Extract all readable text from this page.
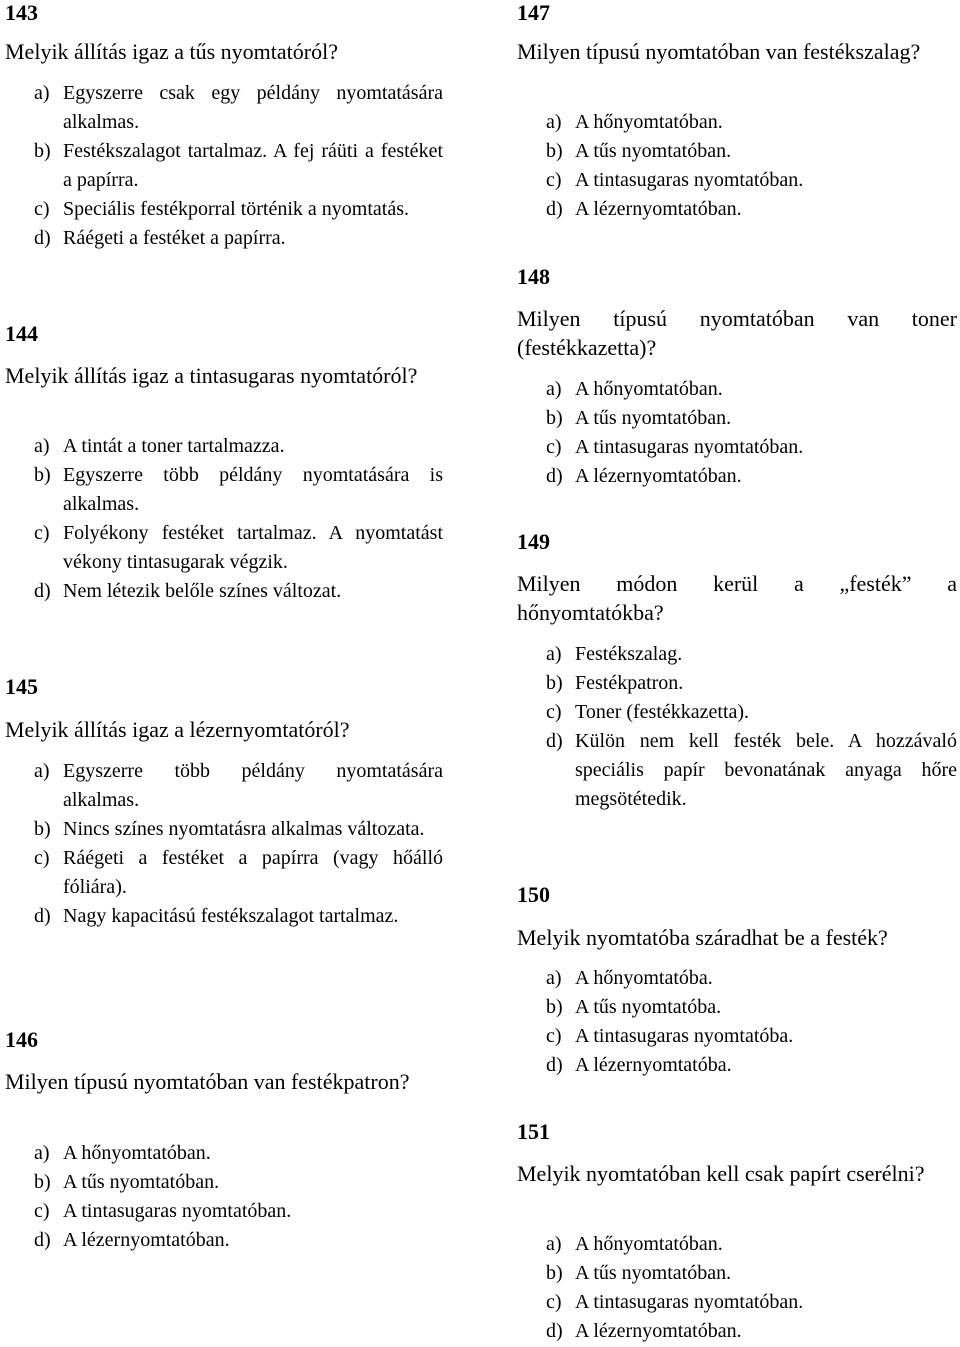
143
Melyik állítás igaz a tűs nyomtatóról?
a) Egyszerre csak egy példány nyomtatására alkalmas.
b) Festékszalagot tartalmaz. A fej ráüti a festéket a papírra.
c) Speciális festékporral történik a nyomtatás.
d) Ráégeti a festéket a papírra.
144
Melyik állítás igaz a tintasugaras nyomtatóról?
a) A tintát a toner tartalmazza.
b) Egyszerre több példány nyomtatására is alkalmas.
c) Folyékony festéket tartalmaz. A nyomtatást vékony tintasugarak végzik.
d) Nem létezik belőle színes változat.
145
Melyik állítás igaz a lézernyomtatóról?
a) Egyszerre több példány nyomtatására alkalmas.
b) Nincs színes nyomtatásra alkalmas változata.
c) Ráégeti a festéket a papírra (vagy hőálló fóliára).
d) Nagy kapacitású festékszalagot tartalmaz.
146
Milyen típusú nyomtatóban van festékpatron?
a) A hőnyomtatóban.
b) A tűs nyomtatóban.
c) A tintasugaras nyomtatóban.
d) A lézernyomtatóban.
147
Milyen típusú nyomtatóban van festékszalag?
a) A hőnyomtatóban.
b) A tűs nyomtatóban.
c) A tintasugaras nyomtatóban.
d) A lézernyomtatóban.
148
Milyen típusú nyomtatóban van toner (festékkazetta)?
a) A hőnyomtatóban.
b) A tűs nyomtatóban.
c) A tintasugaras nyomtatóban.
d) A lézernyomtatóban.
149
Milyen módon kerül a „festék” a hőnyomtatókba?
a) Festékszalag.
b) Festékpatron.
c) Toner (festékkazetta).
d) Külön nem kell festék bele. A hozzávaló speciális papír bevonatának anyaga hőre megsötétedik.
150
Melyik nyomtatóba száradhat be a festék?
a) A hőnyomtatóba.
b) A tűs nyomtatóba.
c) A tintasugaras nyomtatóba.
d) A lézernyomtatóba.
151
Melyik nyomtatóban kell csak papírt cserélni?
a) A hőnyomtatóban.
b) A tűs nyomtatóban.
c) A tintasugaras nyomtatóban.
d) A lézernyomtatóban.
